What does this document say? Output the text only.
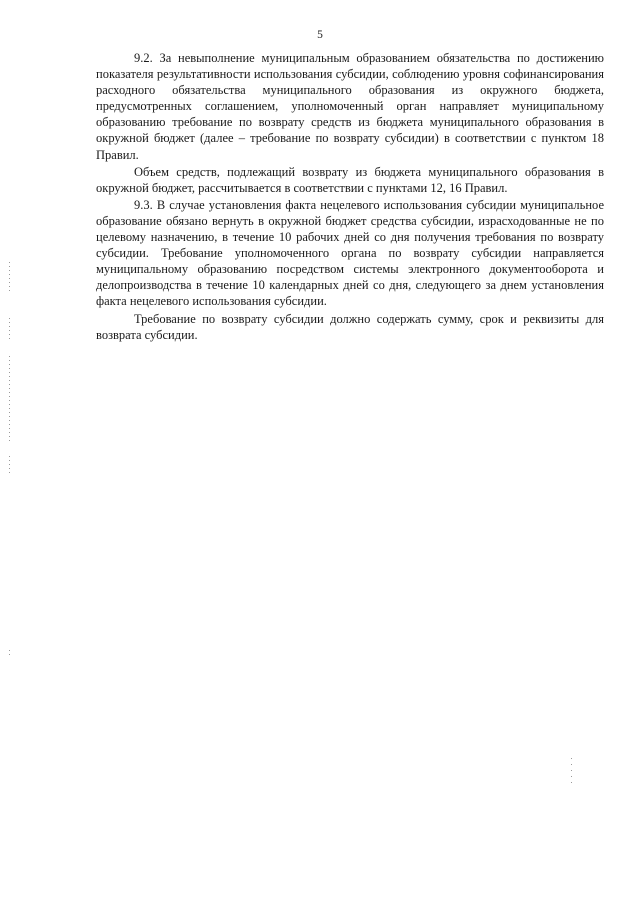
5

9.2. За невыполнение муниципальным образованием обязательства по достижению показателя результативности использования субсидии, соблюдению уровня софинансирования расходного обязательства муниципального образования из окружного бюджета, предусмотренных соглашением, уполномоченный орган направляет муниципальному образованию требование по возврату средств из бюджета муниципального образования в окружной бюджет (далее – требование по возврату субсидии) в соответствии с пунктом 18 Правил.

Объем средств, подлежащий возврату из бюджета муниципального образования в окружной бюджет, рассчитывается в соответствии с пунктами 12, 16 Правил.

9.3. В случае установления факта нецелевого использования субсидии муниципальное образование обязано вернуть в окружной бюджет средства субсидии, израсходованные не по целевому назначению, в течение 10 рабочих дней со дня получения требования по возврату субсидии. Требование уполномоченного органа по возврату субсидии направляется муниципальному образованию посредством системы электронного документооборота и делопроизводства в течение 10 календарных дней со дня, следующего за днем установления факта нецелевого использования субсидии.

Требование по возврату субсидии должно содержать сумму, срок и реквизиты для возврата субсидии.
